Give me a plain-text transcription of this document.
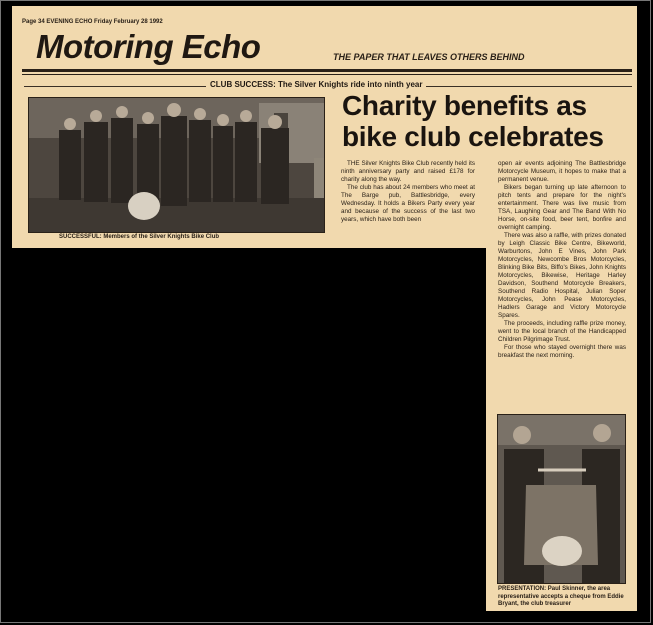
Page 34 EVENING ECHO Friday February 28 1992
Motoring Echo	THE PAPER THAT LEAVES OTHERS BEHIND
CLUB SUCCESS: The Silver Knights ride into ninth year
SUCCESSFUL: Members of the Silver Knights Bike Club
Charity benefits as bike club celebrates

THE Silver Knights Bike Club recently held its ninth anniversary party and raised £178 for charity along the way.

The club has about 24 members who meet at The Barge pub, Battlesbridge, every Wednesday. It holds a Bikers Party every year and because of the success of the last two years, which have both been

open air events adjoining The Battlesbridge Motorcycle Museum, it hopes to make that a permanent venue.

Bikers began turning up late afternoon to pitch tents and prepare for the night's entertainment. There was live music from TSA, Laughing Gear and The Band With No Horse, on-site food, beer tent, bonfire and overnight camping.

There was also a raffle, with prizes donated by Leigh Classic Bike Centre, Bikeworld, Warburtons, John E Vines, John Park Motorcycles, Newcombe Bros Motorcycles, Blinking Bike Bits, Biffo's Bikes, John Knights Motorcycles, Bikewise, Heritage Harley Davidson, Southend Motorcycle Breakers, Southend Radio Hospital, Julian Soper Motorcycles, John Pease Motorcycles, Hadlers Garage and Victory Motorcycle Spares.

The proceeds, including raffle prize money, went to the local branch of the Handicapped Children Pilgrimage Trust.

For those who stayed overnight there was breakfast the next morning.

PRESENTATION: Paul Skinner, the area representative accepts a cheque from Eddie Bryant, the club treasurer
